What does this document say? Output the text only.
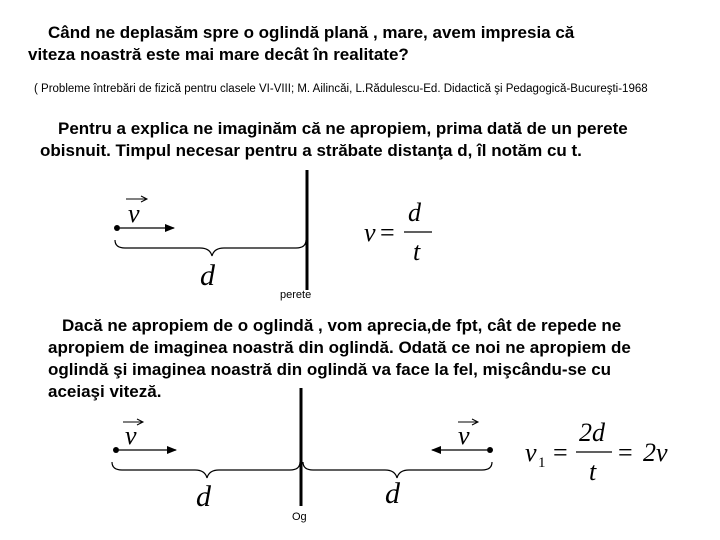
Când ne deplasăm spre o oglindă plană , mare, avem impresia că
viteza noastră este mai mare decât în realitate?

( Probleme întrebări de fizică pentru clasele VI-VIII; M. Ailincăi, L.Rădulescu-Ed. Didactică şi Pedagogică-Bucureşti-1968

Pentru a explica ne imaginăm că ne apropiem, prima dată de un perete
obisnuit. Timpul necesar pentru a străbate distanţa d, îl notăm cu t.

Dacă ne apropiem de o oglindă , vom aprecia,de fpt, cât de repede ne
apropiem de imaginea noastră din oglindă. Odată ce noi ne apropiem de
oglindă şi imaginea noastră din oglindă va face la fel, mişcându-se cu
aceiaşi viteză.

v
d
perete
v =
d
t
v	v
d	d
Og
v 1 =
2d
t
= 2v
